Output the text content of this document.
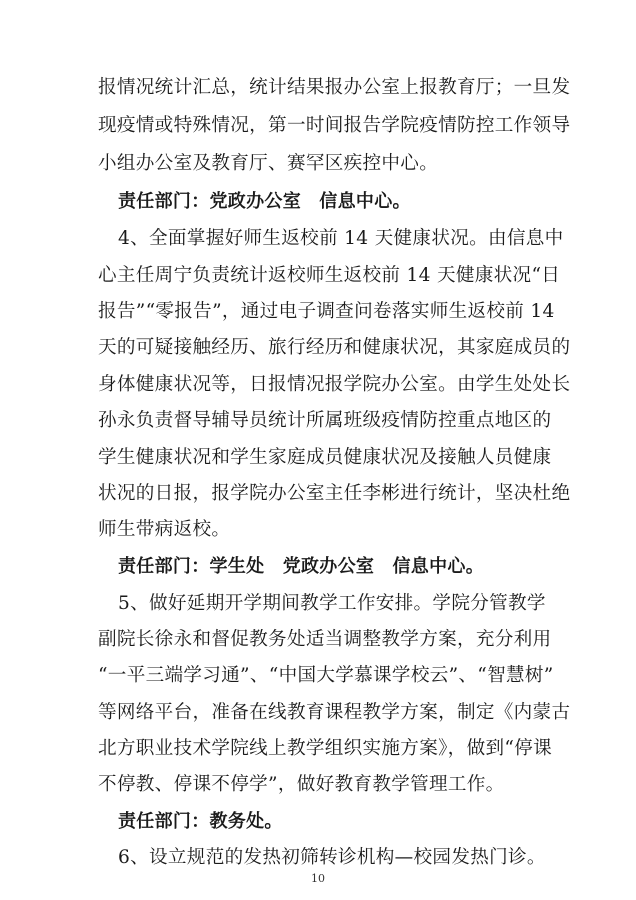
报情况统计汇总，统计结果报办公室上报教育厅；一旦发
现疫情或特殊情况，第一时间报告学院疫情防控工作领导
小组办公室及教育厅、赛罕区疾控中心。
责任部门：党政办公室　信息中心。
4、全面掌握好师生返校前 14 天健康状况。由信息中
心主任周宁负责统计返校师生返校前 14 天健康状况“日
报告”“零报告”，通过电子调查问卷落实师生返校前 14
天的可疑接触经历、旅行经历和健康状况，其家庭成员的
身体健康状况等，日报情况报学院办公室。由学生处处长
孙永负责督导辅导员统计所属班级疫情防控重点地区的
学生健康状况和学生家庭成员健康状况及接触人员健康
状况的日报，报学院办公室主任李彬进行统计，坚决杜绝
师生带病返校。
责任部门：学生处　党政办公室　信息中心。
5、做好延期开学期间教学工作安排。学院分管教学
副院长徐永和督促教务处适当调整教学方案，充分利用
“一平三端学习通”、“中国大学慕课学校云”、“智慧树”
等网络平台，准备在线教育课程教学方案，制定《内蒙古
北方职业技术学院线上教学组织实施方案》，做到“停课
不停教、停课不停学”，做好教育教学管理工作。
责任部门：教务处。
6、设立规范的发热初筛转诊机构—校园发热门诊。
10
